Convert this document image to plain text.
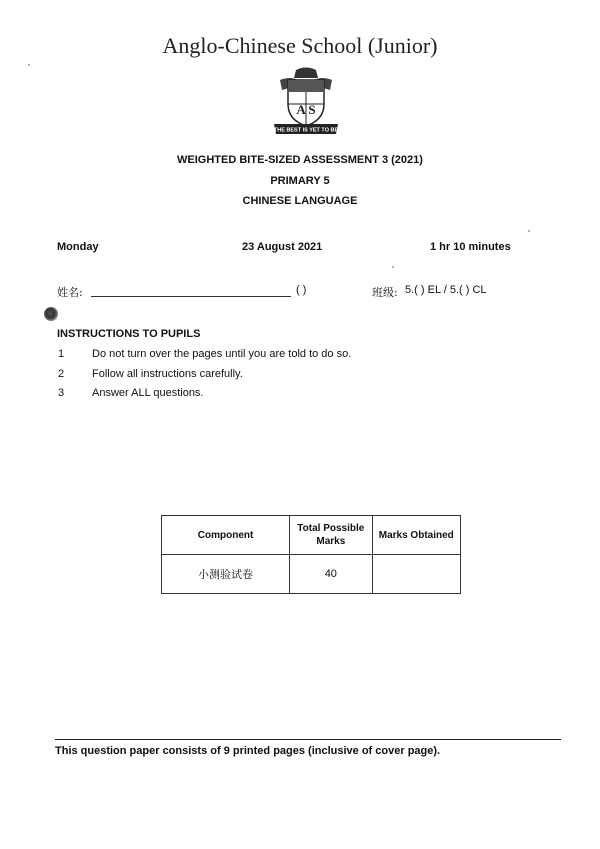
Anglo-Chinese School (Junior)
A S
THE BEST IS YET TO BE
WEIGHTED BITE-SIZED ASSESSMENT 3 (2021)
PRIMARY 5
CHINESE LANGUAGE
Monday	23 August 2021	1 hr 10 minutes
姓名:	( )	班级: 5.( ) EL / 5.( ) CL
INSTRUCTIONS TO PUPILS
1	Do not turn over the pages until you are told to do so.
2	Follow all instructions carefully.
3	Answer ALL questions.
Component	Total Possible Marks	Marks Obtained
小测验试卷	40	
This question paper consists of 9 printed pages (inclusive of cover page).
